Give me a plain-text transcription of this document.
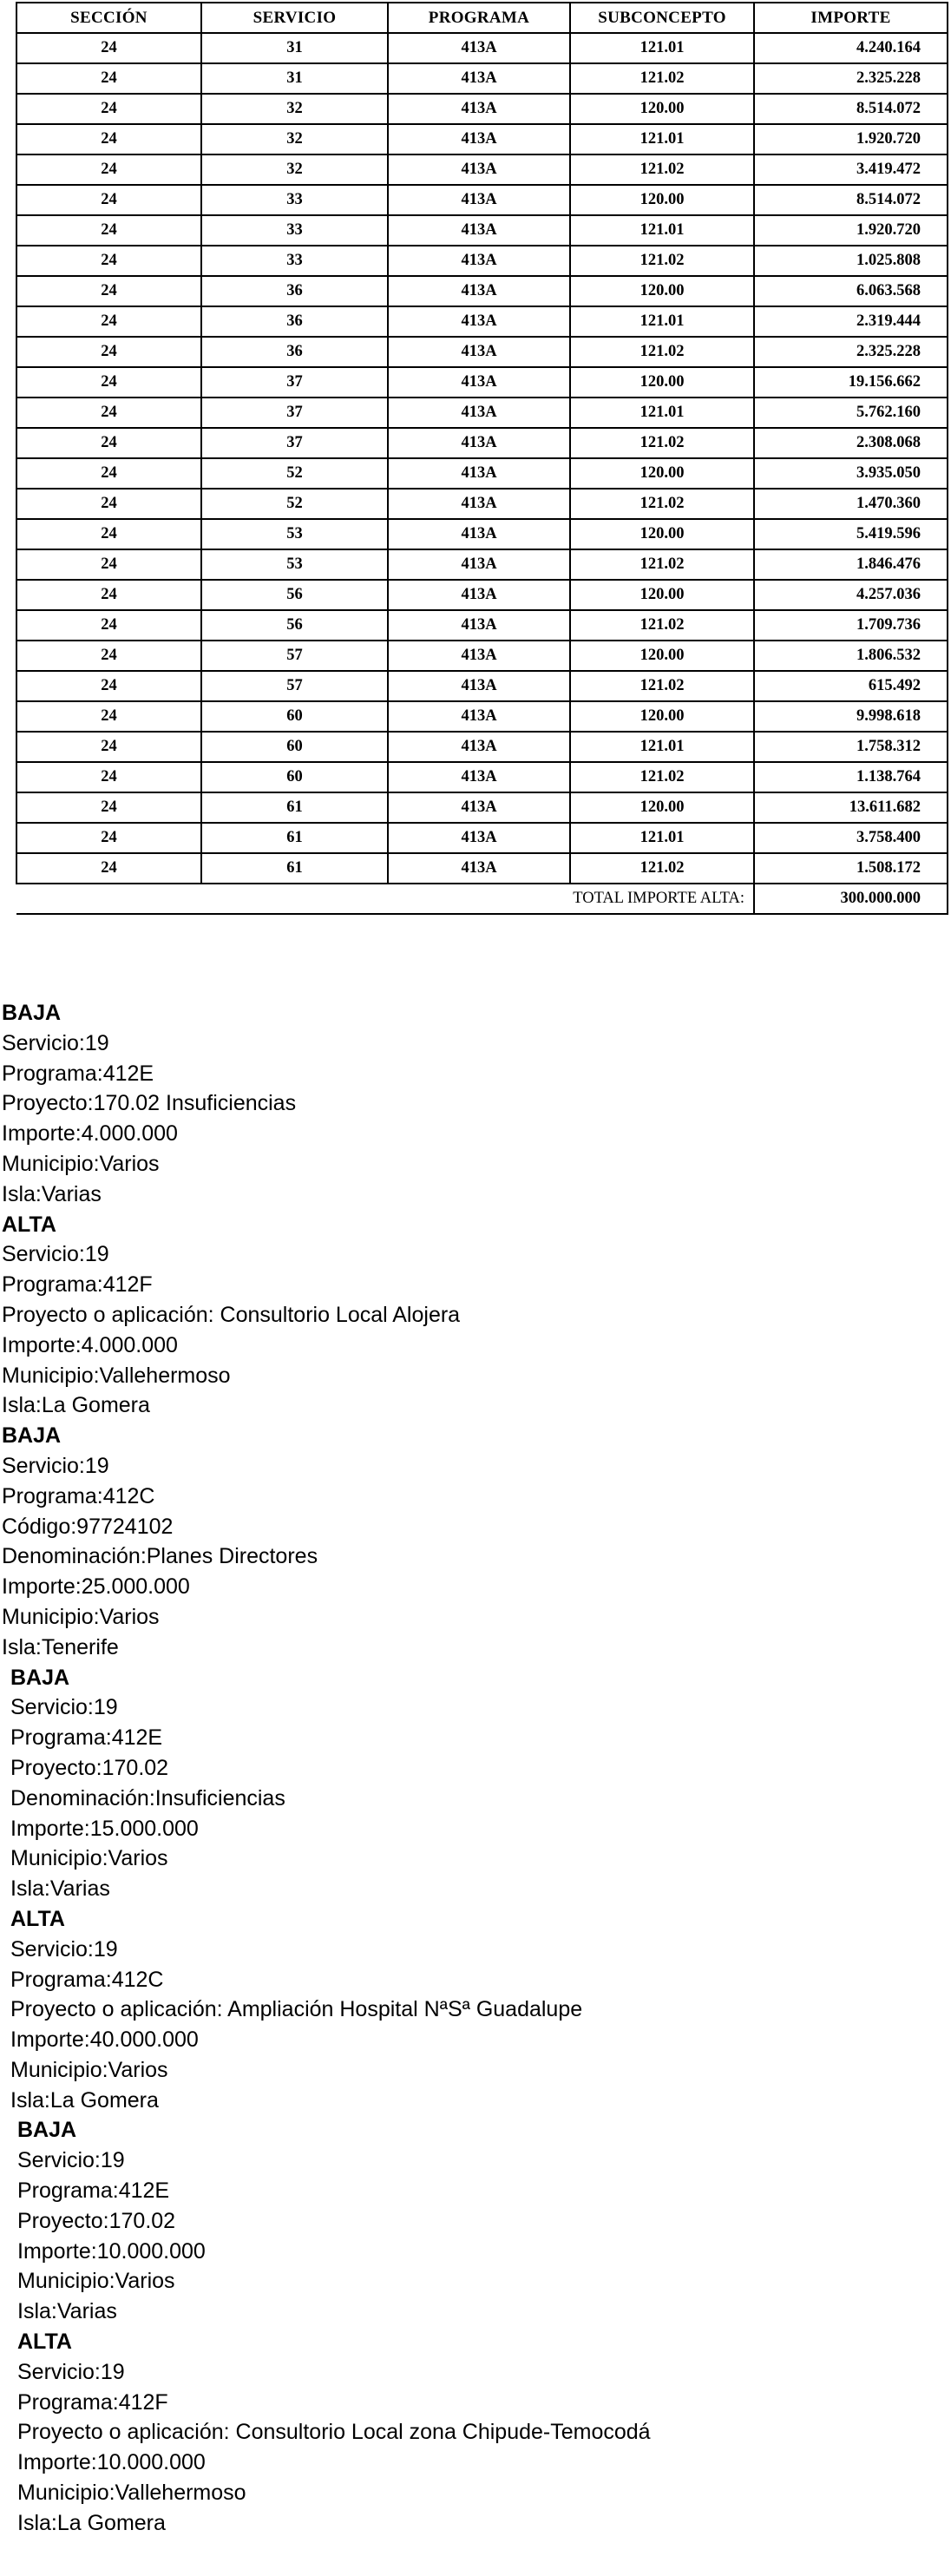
SECCIÓN	SERVICIO	PROGRAMA	SUBCONCEPTO	IMPORTE
24	31	413A	121.01	4.240.164
24	31	413A	121.02	2.325.228
24	32	413A	120.00	8.514.072
24	32	413A	121.01	1.920.720
24	32	413A	121.02	3.419.472
24	33	413A	120.00	8.514.072
24	33	413A	121.01	1.920.720
24	33	413A	121.02	1.025.808
24	36	413A	120.00	6.063.568
24	36	413A	121.01	2.319.444
24	36	413A	121.02	2.325.228
24	37	413A	120.00	19.156.662
24	37	413A	121.01	5.762.160
24	37	413A	121.02	2.308.068
24	52	413A	120.00	3.935.050
24	52	413A	121.02	1.470.360
24	53	413A	120.00	5.419.596
24	53	413A	121.02	1.846.476
24	56	413A	120.00	4.257.036
24	56	413A	121.02	1.709.736
24	57	413A	120.00	1.806.532
24	57	413A	121.02	615.492
24	60	413A	120.00	9.998.618
24	60	413A	121.01	1.758.312
24	60	413A	121.02	1.138.764
24	61	413A	120.00	13.611.682
24	61	413A	121.01	3.758.400
24	61	413A	121.02	1.508.172
TOTAL IMPORTE ALTA:				300.000.000
BAJA
Servicio:19
Programa:412E
Proyecto:170.02 Insuficiencias
Importe:4.000.000
Municipio:Varios
Isla:Varias
ALTA
Servicio:19
Programa:412F
Proyecto o aplicación: Consultorio Local Alojera
Importe:4.000.000
Municipio:Vallehermoso
Isla:La Gomera
BAJA
Servicio:19
Programa:412C
Código:97724102
Denominación:Planes Directores
Importe:25.000.000
Municipio:Varios
Isla:Tenerife
BAJA
Servicio:19
Programa:412E
Proyecto:170.02
Denominación:Insuficiencias
Importe:15.000.000
Municipio:Varios
Isla:Varias
ALTA
Servicio:19
Programa:412C
Proyecto o aplicación: Ampliación Hospital NªSª Guadalupe
Importe:40.000.000
Municipio:Varios
Isla:La Gomera
BAJA
Servicio:19
Programa:412E
Proyecto:170.02
Importe:10.000.000
Municipio:Varios
Isla:Varias
ALTA
Servicio:19
Programa:412F
Proyecto o aplicación: Consultorio Local zona Chipude-Temocodá
Importe:10.000.000
Municipio:Vallehermoso
Isla:La Gomera
